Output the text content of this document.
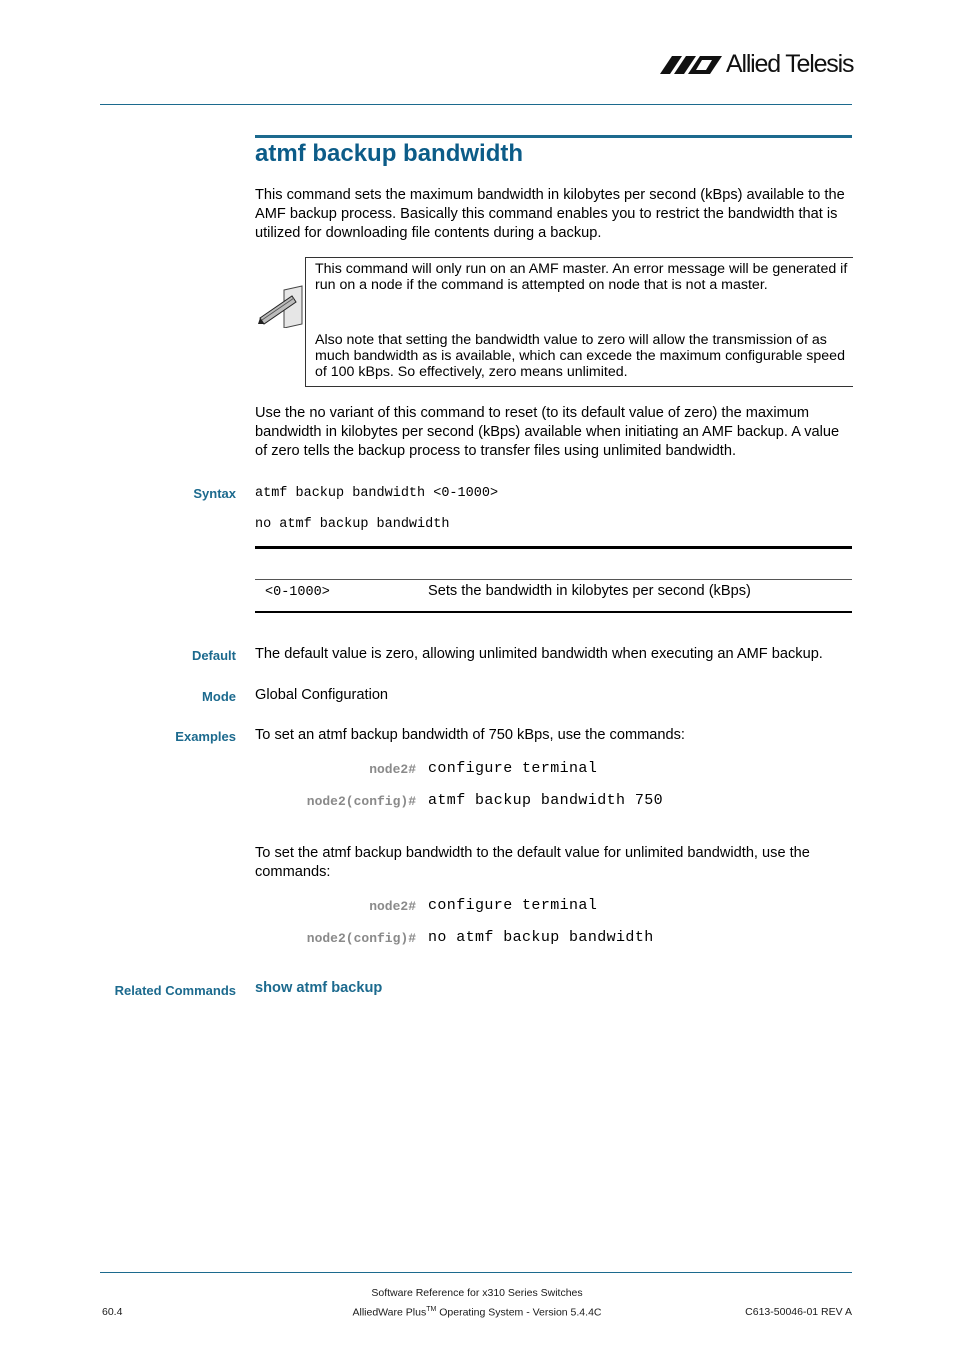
Allied Telesis
atmf backup bandwidth
This command sets the maximum bandwidth in kilobytes per second (kBps) available to the AMF backup process. Basically this command enables you to restrict the bandwidth that is utilized for downloading file contents during a backup.
This command will only run on an AMF master. An error message will be generated if run on a node if the command is attempted on node that is not a master.
Also note that setting the bandwidth value to zero will allow the transmission of as much bandwidth as is available, which can excede the maximum configurable speed of 100 kBps. So effectively, zero means unlimited.
Use the no variant of this command to reset (to its default value of zero) the maximum bandwidth in kilobytes per second (kBps) available when initiating an AMF backup. A value of zero tells the backup process to transfer files using unlimited bandwidth.
Syntax atmf backup bandwidth <0-1000>
no atmf backup bandwidth
<0-1000>	Sets the bandwidth in kilobytes per second (kBps)
Default The default value is zero, allowing unlimited bandwidth when executing an AMF backup.
Mode Global Configuration
Examples To set an atmf backup bandwidth of 750 kBps, use the commands:
node2# configure terminal
node2(config)# atmf backup bandwidth 750
To set the atmf backup bandwidth to the default value for unlimited bandwidth, use the commands:
node2# configure terminal
node2(config)# no atmf backup bandwidth
Related Commands show atmf backup
Software Reference for x310 Series Switches
60.4	AlliedWare Plus™ Operating System - Version 5.4.4C	C613-50046-01 REV A
